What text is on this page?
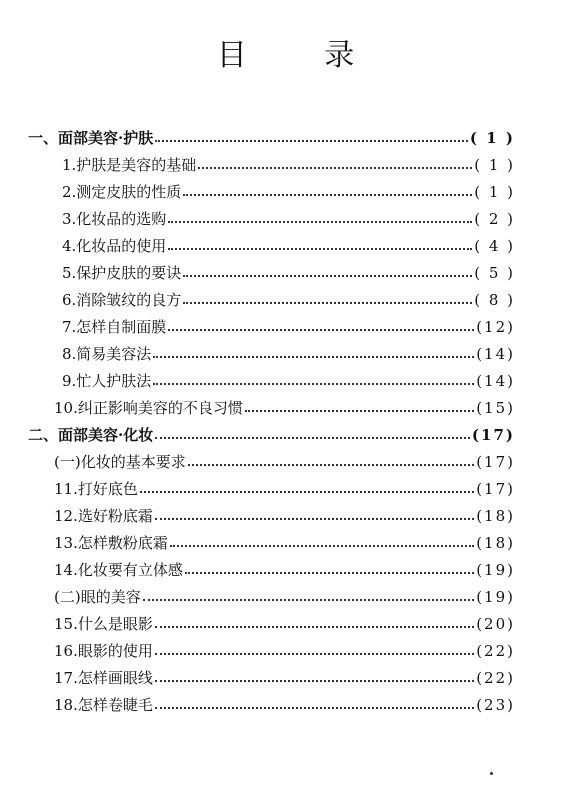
目 录
一、面部美容·护肤	( 1 )
1.护肤是美容的基础	( 1 )
2.测定皮肤的性质	( 1 )
3.化妆品的选购	( 2 )
4.化妆品的使用	( 4 )
5.保护皮肤的要诀	( 5 )
6.消除皱纹的良方	( 8 )
7.怎样自制面膜	(12)
8.简易美容法	(14)
9.忙人护肤法	(14)
10.纠正影响美容的不良习惯	(15)
二、面部美容·化妆	(17)
(一)化妆的基本要求	(17)
11.打好底色	(17)
12.选好粉底霜	(18)
13.怎样敷粉底霜	(18)
14.化妆要有立体感	(19)
(二)眼的美容	(19)
15.什么是眼影	(20)
16.眼影的使用	(22)
17.怎样画眼线	(22)
18.怎样卷睫毛	(23)
